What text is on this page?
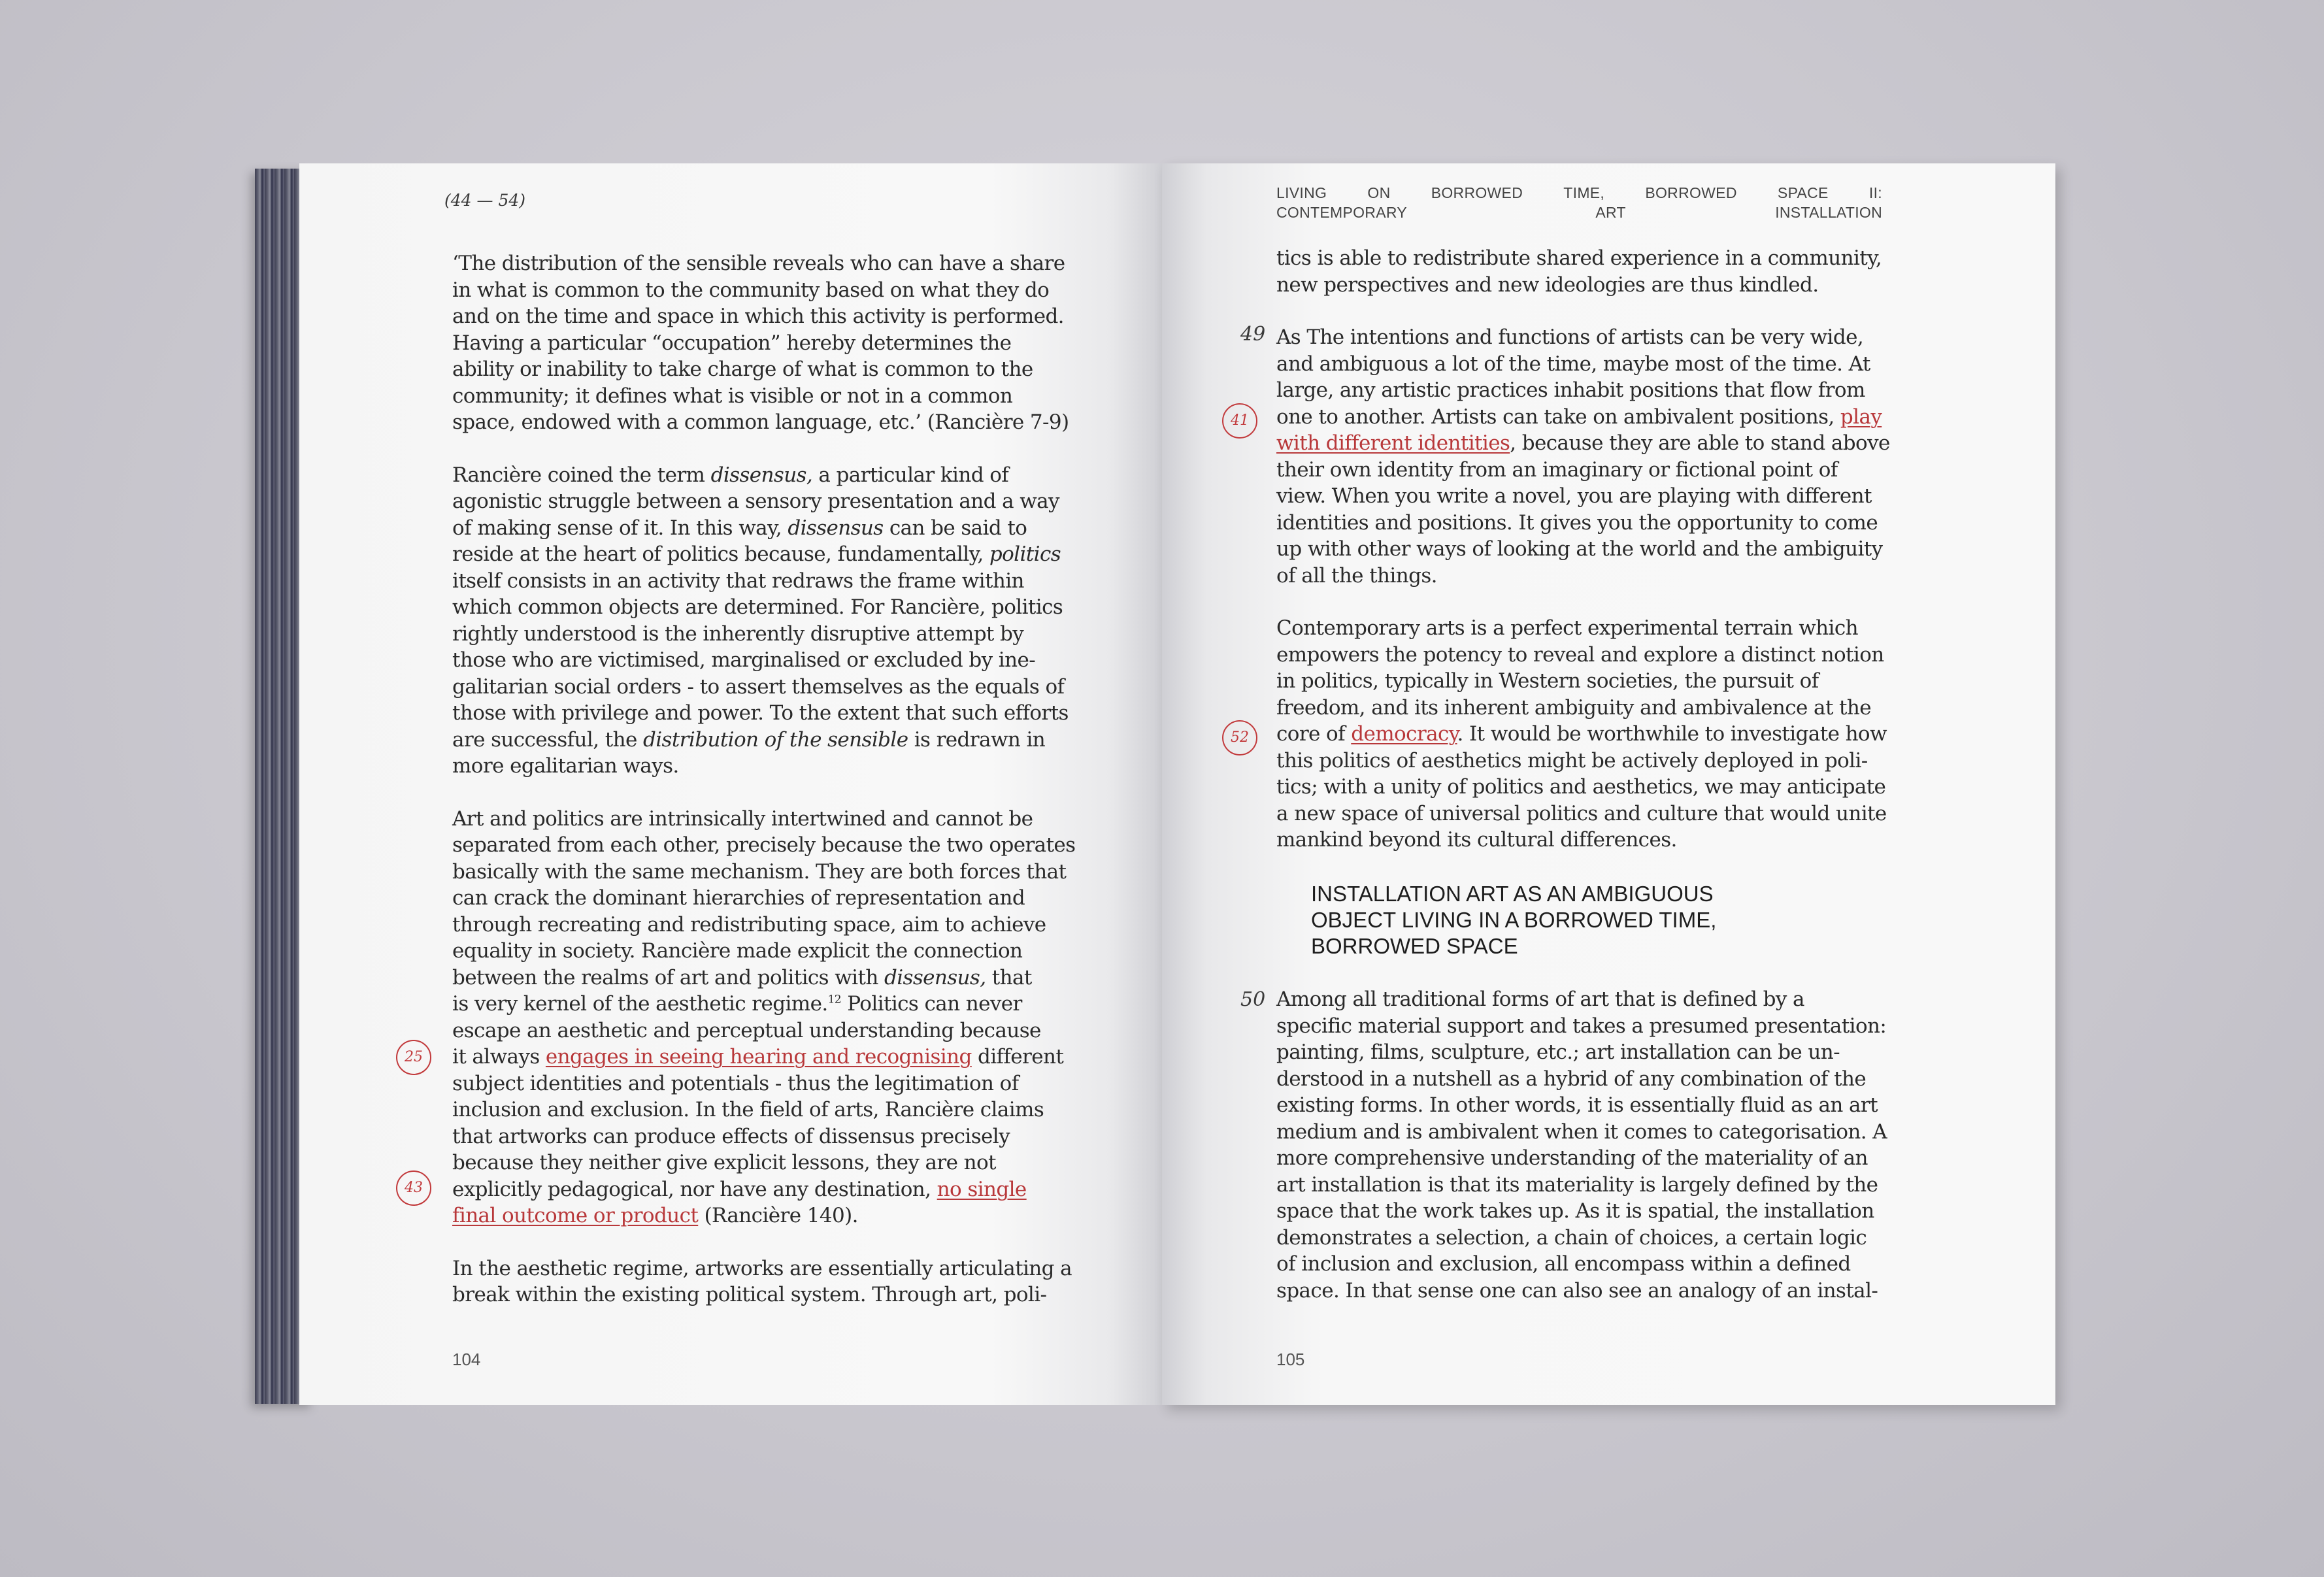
(44 — 54)

‘The distribution of the sensible reveals who can have a share
in what is common to the community based on what they do
and on the time and space in which this activity is performed.
Having a particular “occupation” hereby determines the
ability or inability to take charge of what is common to the
community; it defines what is visible or not in a common
space, endowed with a common language, etc.’ (Rancière 7-9)

Rancière coined the term dissensus, a particular kind of
agonistic struggle between a sensory presentation and a way
of making sense of it. In this way, dissensus can be said to
reside at the heart of politics because, fundamentally, politics
itself consists in an activity that redraws the frame within
which common objects are determined. For Rancière, politics
rightly understood is the inherently disruptive attempt by
those who are victimised, marginalised or excluded by ine-
galitarian social orders - to assert themselves as the equals of
those with privilege and power. To the extent that such efforts
are successful, the distribution of the sensible is redrawn in
more egalitarian ways.

Art and politics are intrinsically intertwined and cannot be
separated from each other, precisely because the two operates
basically with the same mechanism. They are both forces that
can crack the dominant hierarchies of representation and
through recreating and redistributing space, aim to achieve
equality in society. Rancière made explicit the connection
between the realms of art and politics with dissensus, that
is very kernel of the aesthetic regime.$^{12}$ Politics can never
escape an aesthetic and perceptual understanding because
it always engages in seeing hearing and recognising different
subject identities and potentials - thus the legitimation of
inclusion and exclusion. In the field of arts, Rancière claims
that artworks can produce effects of dissensus precisely
because they neither give explicit lessons, they are not
explicitly pedagogical, nor have any destination, no single
final outcome or product (Rancière 140).

In the aesthetic regime, artworks are essentially articulating a
break within the existing political system. Through art, poli-

25
43
104
LIVING	ON	BORROWED	TIME,	BORROWED	SPACE	II:
CONTEMPORARY	ART	INSTALLATION

tics is able to redistribute shared experience in a community,
new perspectives and new ideologies are thus kindled.

As The intentions and functions of artists can be very wide,
and ambiguous a lot of the time, maybe most of the time. At
large, any artistic practices inhabit positions that flow from
one to another. Artists can take on ambivalent positions, play
with different identities, because they are able to stand above
their own identity from an imaginary or fictional point of
view. When you write a novel, you are playing with different
identities and positions. It gives you the opportunity to come
up with other ways of looking at the world and the ambiguity
of all the things.

Contemporary arts is a perfect experimental terrain which
empowers the potency to reveal and explore a distinct notion
in politics, typically in Western societies, the pursuit of
freedom, and its inherent ambiguity and ambivalence at the
core of democracy. It would be worthwhile to investigate how
this politics of aesthetics might be actively deployed in poli-
tics; with a unity of politics and aesthetics, we may anticipate
a new space of universal politics and culture that would unite
mankind beyond its cultural differences.

INSTALLATION ART AS AN AMBIGUOUS
OBJECT LIVING IN A BORROWED TIME,
BORROWED SPACE

Among all traditional forms of art that is defined by a
specific material support and takes a presumed presentation:
painting, films, sculpture, etc.; art installation can be un-
derstood in a nutshell as a hybrid of any combination of the
existing forms. In other words, it is essentially fluid as an art
medium and is ambivalent when it comes to categorisation. A
more comprehensive understanding of the materiality of an
art installation is that its materiality is largely defined by the
space that the work takes up. As it is spatial, the installation
demonstrates a selection, a chain of choices, a certain logic
of inclusion and exclusion, all encompass within a defined
space. In that sense one can also see an analogy of an instal-

49
50
41
52
105
